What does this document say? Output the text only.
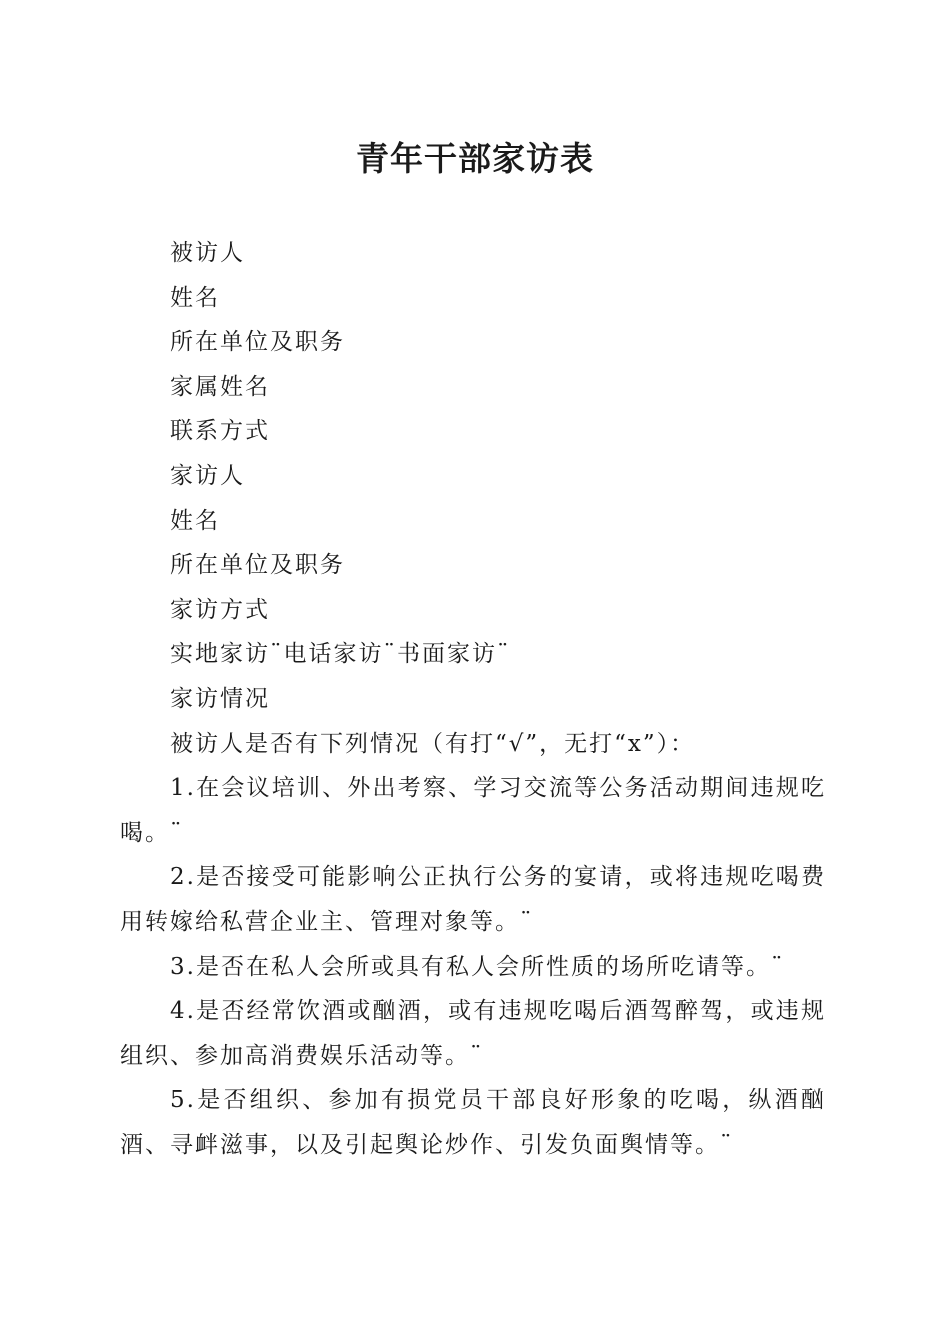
青年干部家访表

被访人

姓名

所在单位及职务

家属姓名

联系方式

家访人

姓名

所在单位及职务

家访方式

实地家访¨电话家访¨书面家访¨

家访情况

被访人是否有下列情况（有打“√”，无打“x”）：

1.在会议培训、外出考察、学习交流等公务活动期间违规吃喝。¨

2.是否接受可能影响公正执行公务的宴请，或将违规吃喝费用转嫁给私营企业主、管理对象等。¨

3.是否在私人会所或具有私人会所性质的场所吃请等。¨

4.是否经常饮酒或酗酒，或有违规吃喝后酒驾醉驾，或违规组织、参加高消费娱乐活动等。¨

5.是否组织、参加有损党员干部良好形象的吃喝，纵酒酗酒、寻衅滋事，以及引起舆论炒作、引发负面舆情等。¨
